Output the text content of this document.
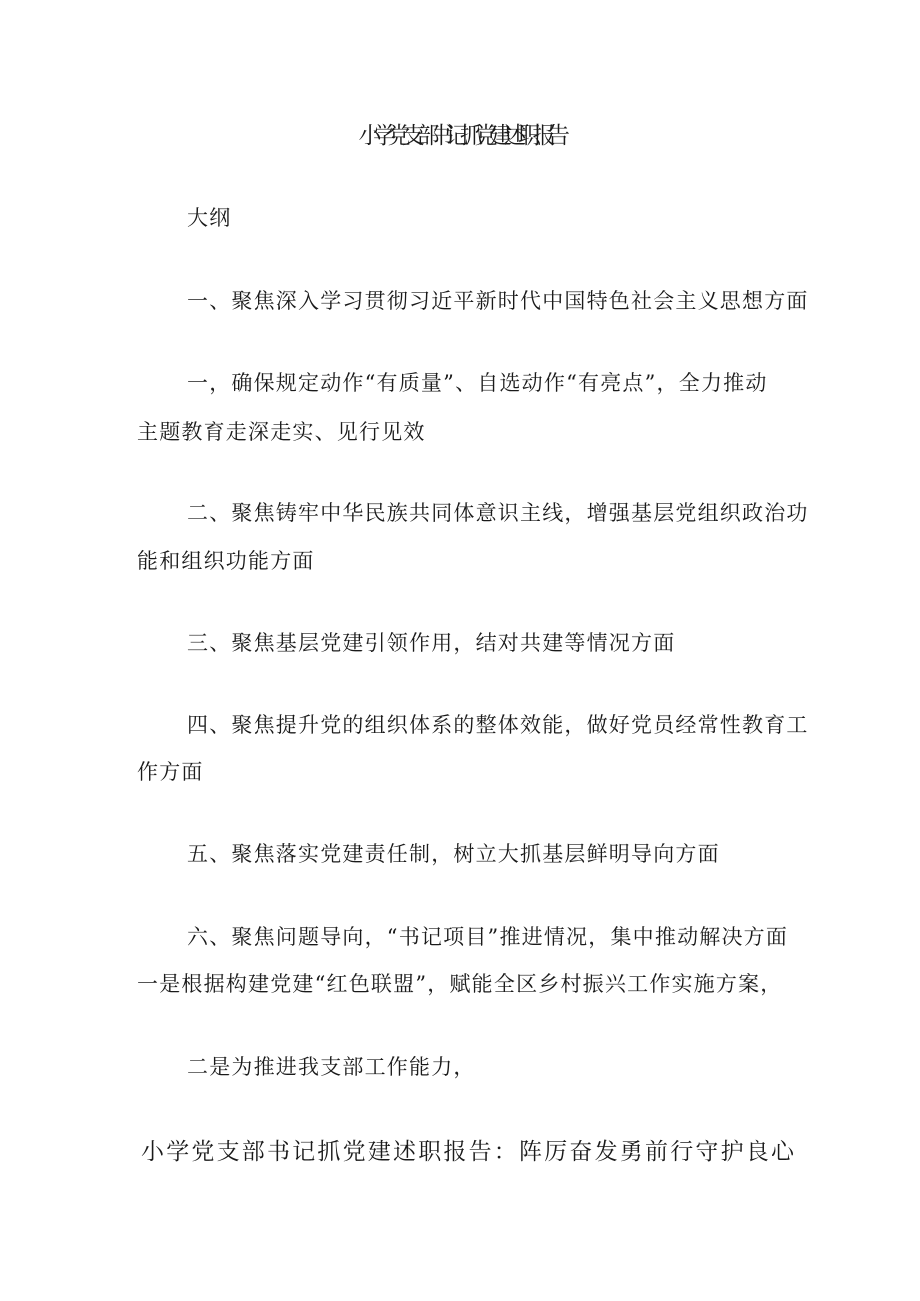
小学党支部书记抓党建述职报告
大纲
一、聚焦深入学习贯彻习近平新时代中国特色社会主义思想方面
一，确保规定动作“有质量”、自选动作“有亮点”，全力推动
主题教育走深走实、见行见效
二、聚焦铸牢中华民族共同体意识主线，增强基层党组织政治功
能和组织功能方面
三、聚焦基层党建引领作用，结对共建等情况方面
四、聚焦提升党的组织体系的整体效能，做好党员经常性教育工
作方面
五、聚焦落实党建责任制，树立大抓基层鲜明导向方面
六、聚焦问题导向，“书记项目”推进情况，集中推动解决方面
一是根据构建党建“红色联盟”，赋能全区乡村振兴工作实施方案，
二是为推进我支部工作能力，
小学党支部书记抓党建述职报告：阵厉奋发勇前行守护良心
